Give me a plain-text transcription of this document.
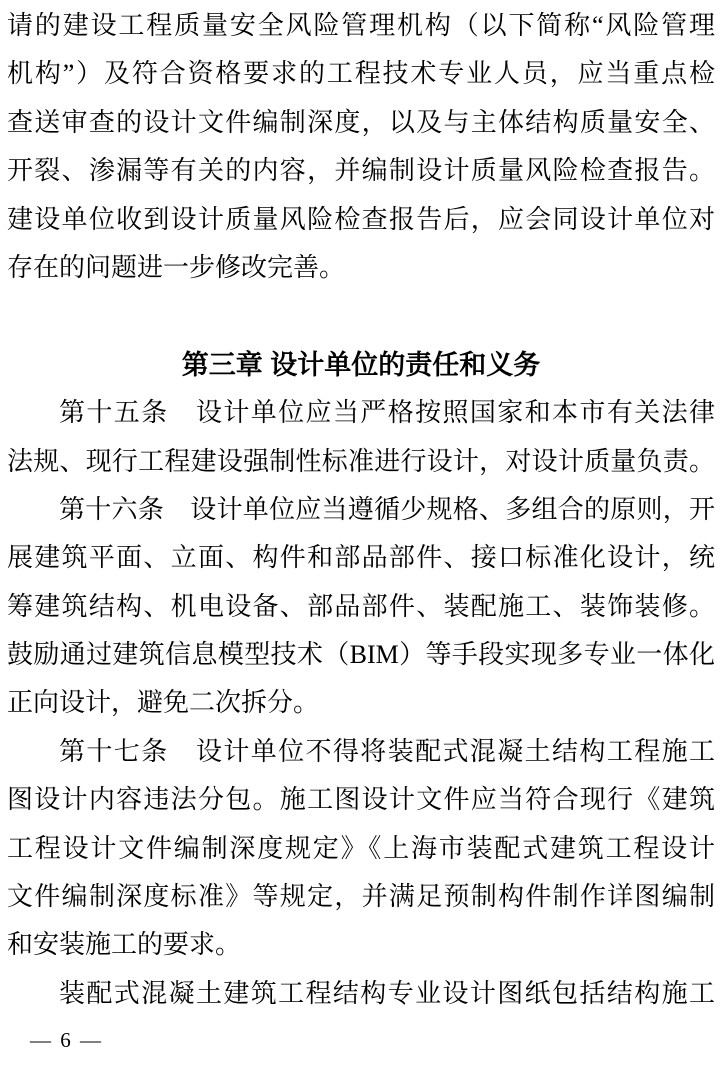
请的建设工程质量安全风险管理机构（以下简称“风险管理
机构”）及符合资格要求的工程技术专业人员，应当重点检
查送审查的设计文件编制深度，以及与主体结构质量安全、
开裂、渗漏等有关的内容，并编制设计质量风险检查报告。
建设单位收到设计质量风险检查报告后，应会同设计单位对
存在的问题进一步修改完善。
第三章 设计单位的责任和义务
第十五条　设计单位应当严格按照国家和本市有关法律
法规、现行工程建设强制性标准进行设计，对设计质量负责。
第十六条　设计单位应当遵循少规格、多组合的原则，开
展建筑平面、立面、构件和部品部件、接口标准化设计，统
筹建筑结构、机电设备、部品部件、装配施工、装饰装修。
鼓励通过建筑信息模型技术（BIM）等手段实现多专业一体化
正向设计，避免二次拆分。
第十七条　设计单位不得将装配式混凝土结构工程施工
图设计内容违法分包。施工图设计文件应当符合现行《建筑
工程设计文件编制深度规定》《上海市装配式建筑工程设计
文件编制深度标准》等规定，并满足预制构件制作详图编制
和安装施工的要求。
装配式混凝土建筑工程结构专业设计图纸包括结构施工
— 6 —
